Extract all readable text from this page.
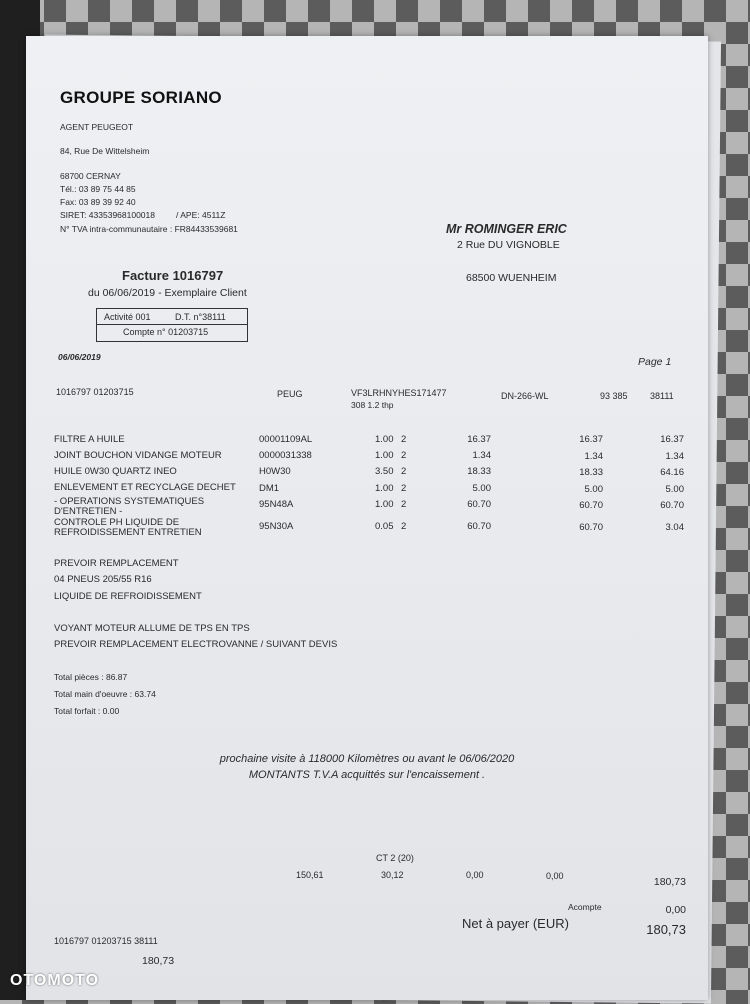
GROUPE SORIANO
AGENT PEUGEOT
84, Rue De Wittelsheim
68700 CERNAY
Tél.: 03 89 75 44 85
Fax: 03 89 39 92 40
SIRET: 43353968100018 / APE: 4511Z
N° TVA intra-communautaire : FR84433539681	Mr ROMINGER ERIC
2 Rue DU VIGNOBLE
68500 WUENHEIM
Facture 1016797
du 06/06/2019 - Exemplaire Client
Activité 001	D.T. n°38111
Compte n° 01203715
06/06/2019	Page 1
1016797 01203715	PEUG	VF3LRHNYHES171477
308 1.2 thp
DN-266-WL	93 385 38111
FILTRE A HUILE	00001109AL	1.00 2	16.37	16.37	16.37
JOINT BOUCHON VIDANGE MOTEUR	0000031338	1.00 2	1.34	1.34	1.34
HUILE 0W30 QUARTZ INEO	H0W30	3.50 2	18.33	18.33	64.16
ENLEVEMENT ET RECYCLAGE DECHET DM1	1.00 2	5.00	5.00	5.00
- OPERATIONS SYSTEMATIQUES
D'ENTRETIEN -
95N48A	1.00 2	60.70	60.70	60.70
CONTROLE PH LIQUIDE DE
REFROIDISSEMENT ENTRETIEN
95N30A	0.05 2	60.70	60.70	3.04
PREVOIR REMPLACEMENT
04 PNEUS 205/55 R16
LIQUIDE DE REFROIDISSEMENT
VOYANT MOTEUR ALLUME DE TPS EN TPS
PREVOIR REMPLACEMENT ELECTROVANNE / SUIVANT DEVIS
Total pièces : 86.87
Total main d'oeuvre : 63.74
Total forfait : 0.00
prochaine visite à 118000 Kilomètres ou avant le 06/06/2020
MONTANTS T.V.A acquittés sur l'encaissement .
CT 2 (20)
150,61	30,12	0,00	0,00	180,73
Acompte	0,00
Net à payer (EUR)	180,73
1016797 01203715 38111
180,73
OTOMOTO
